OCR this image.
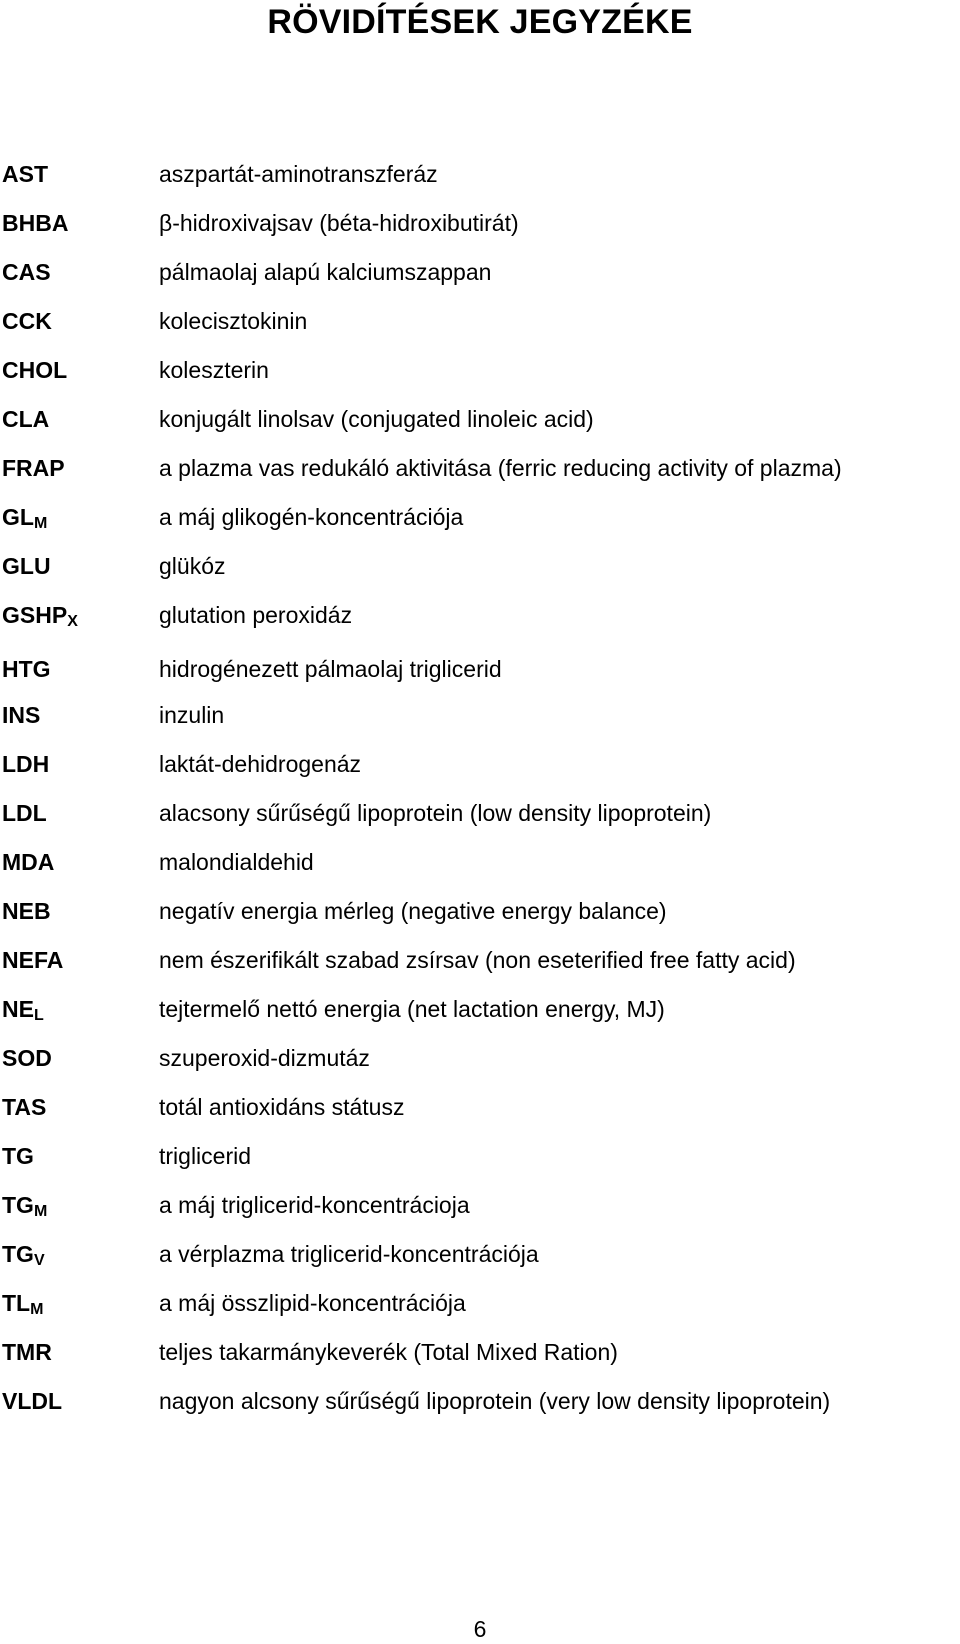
RÖVIDÍTÉSEK JEGYZÉKE
AST	aszpartát-aminotranszferáz
BHBA	β-hidroxivajsav (béta-hidroxibutirát)
CAS	pálmaolaj alapú kalciumszappan
CCK	kolecisztokinin
CHOL	koleszterin
CLA	konjugált linolsav (conjugated linoleic acid)
FRAP	a plazma vas redukáló aktivitása (ferric reducing activity of plazma)
$GL_M$	a máj glikogén-koncentrációja
GLU	glükóz
$GSHP_X$	glutation peroxidáz
HTG	hidrogénezett pálmaolaj triglicerid
INS	inzulin
LDH	laktát-dehidrogenáz
LDL	alacsony sűrűségű lipoprotein (low density lipoprotein)
MDA	malondialdehid
NEB	negatív energia mérleg (negative energy balance)
NEFA	nem észerifikált szabad zsírsav (non eseterified free fatty acid)
$NE_L$	tejtermelő nettó energia (net lactation energy, MJ)
SOD	szuperoxid-dizmutáz
TAS	totál antioxidáns státusz
TG	triglicerid
$TG_M$	a máj triglicerid-koncentrácioja
$TG_V$	a vérplazma triglicerid-koncentrációja
$TL_M$	a máj összlipid-koncentrációja
TMR	teljes takarmánykeverék (Total Mixed Ration)
VLDL	nagyon alcsony sűrűségű lipoprotein (very low density lipoprotein)
6
